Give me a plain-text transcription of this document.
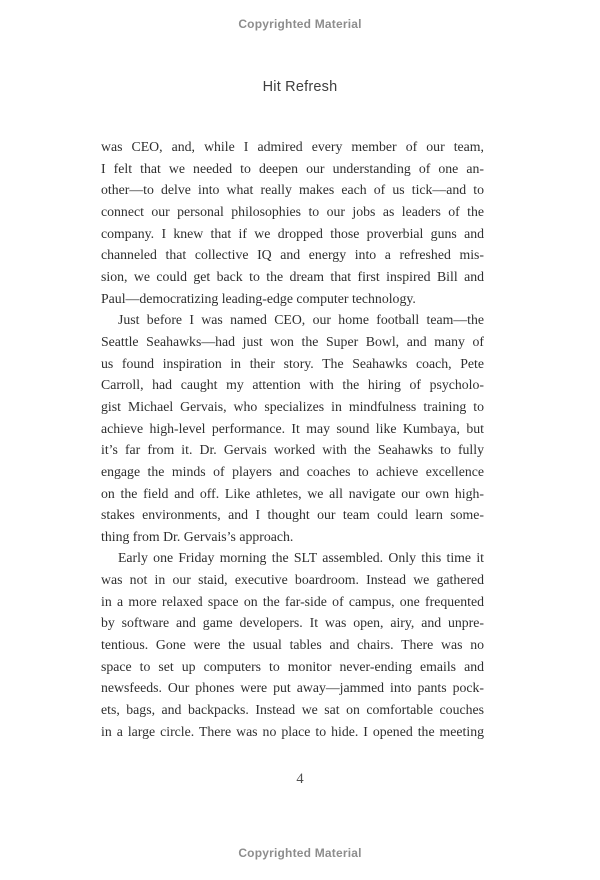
Copyrighted Material
Hit Refresh
was CEO, and, while I admired every member of our team,
I felt that we needed to deepen our understanding of one an-
other—to delve into what really makes each of us tick—and to
connect our personal philosophies to our jobs as leaders of the
company. I knew that if we dropped those proverbial guns and
channeled that collective IQ and energy into a refreshed mis-
sion, we could get back to the dream that first inspired Bill and
Paul—democratizing leading-edge computer technology.
Just before I was named CEO, our home football team—the
Seattle Seahawks—had just won the Super Bowl, and many of
us found inspiration in their story. The Seahawks coach, Pete
Carroll, had caught my attention with the hiring of psycholo-
gist Michael Gervais, who specializes in mindfulness training to
achieve high-level performance. It may sound like Kumbaya, but
it’s far from it. Dr. Gervais worked with the Seahawks to fully
engage the minds of players and coaches to achieve excellence
on the field and off. Like athletes, we all navigate our own high-
stakes environments, and I thought our team could learn some-
thing from Dr. Gervais’s approach.
Early one Friday morning the SLT assembled. Only this time it
was not in our staid, executive boardroom. Instead we gathered
in a more relaxed space on the far-side of campus, one frequented
by software and game developers. It was open, airy, and unpre-
tentious. Gone were the usual tables and chairs. There was no
space to set up computers to monitor never-ending emails and
newsfeeds. Our phones were put away—jammed into pants pock-
ets, bags, and backpacks. Instead we sat on comfortable couches
in a large circle. There was no place to hide. I opened the meeting
4
Copyrighted Material
